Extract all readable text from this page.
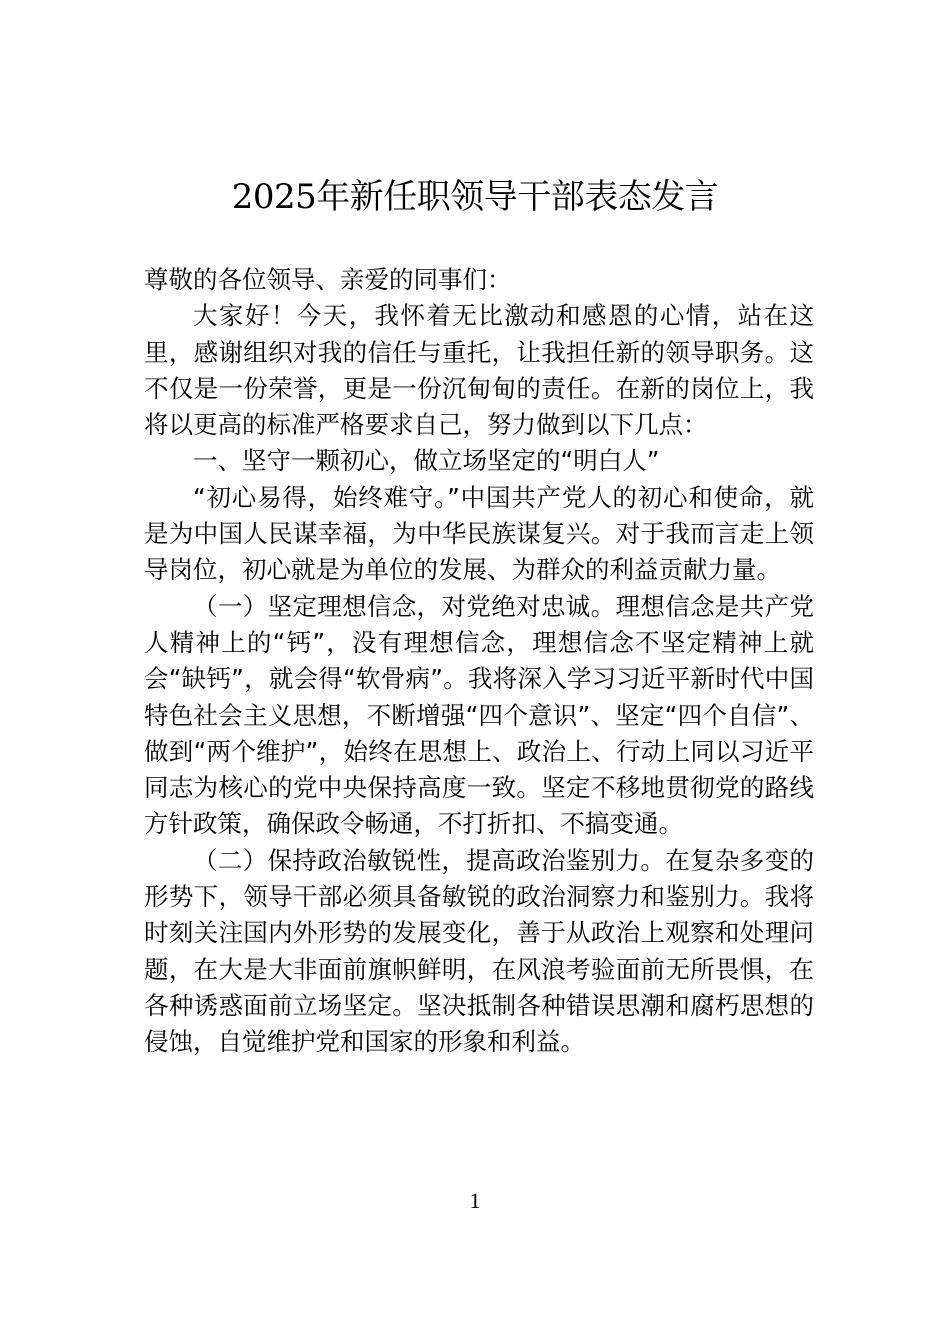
2025年新任职领导干部表态发言

尊敬的各位领导、亲爱的同事们：

大家好！今天，我怀着无比激动和感恩的心情，站在这里，感谢组织对我的信任与重托，让我担任新的领导职务。这不仅是一份荣誉，更是一份沉甸甸的责任。在新的岗位上，我将以更高的标准严格要求自己，努力做到以下几点：

一、坚守一颗初心，做立场坚定的“明白人”

“初心易得，始终难守。”中国共产党人的初心和使命，就是为中国人民谋幸福，为中华民族谋复兴。对于我而言走上领导岗位，初心就是为单位的发展、为群众的利益贡献力量。

（一）坚定理想信念，对党绝对忠诚。理想信念是共产党人精神上的“钙”，没有理想信念，理想信念不坚定精神上就会“缺钙”，就会得“软骨病”。我将深入学习习近平新时代中国特色社会主义思想，不断增强“四个意识”、坚定“四个自信”、做到“两个维护”，始终在思想上、政治上、行动上同以习近平同志为核心的党中央保持高度一致。坚定不移地贯彻党的路线方针政策，确保政令畅通，不打折扣、不搞变通。

（二）保持政治敏锐性，提高政治鉴别力。在复杂多变的形势下，领导干部必须具备敏锐的政治洞察力和鉴别力。我将时刻关注国内外形势的发展变化，善于从政治上观察和处理问题，在大是大非面前旗帜鲜明，在风浪考验面前无所畏惧，在各种诱惑面前立场坚定。坚决抵制各种错误思潮和腐朽思想的侵蚀，自觉维护党和国家的形象和利益。

1
